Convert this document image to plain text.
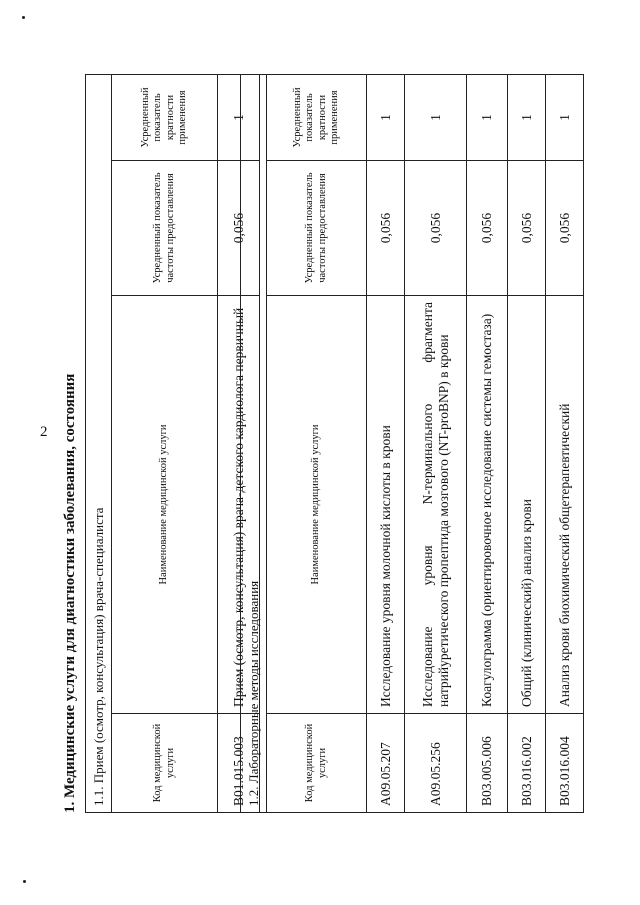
2 1. Медицинские услуги для диагностики заболевания, состояния 1.1. Прием (осмотр, консультация) врача-специалиста			
Код медицинской услуги	Наименование медицинской услуги	Усредненный показатель частоты предоставления	Усредненный показатель кратности применения
B01.015.003	Прием (осмотр, консультация) врача-детского кардиолога первичный	0,056	1
1.2. Лабораторные методы исследования			
Код медицинской услуги	Наименование медицинской услуги	Усредненный показатель частоты предоставления	Усредненный показатель кратности применения
A09.05.207	Исследование уровня молочной кислоты в крови	0,056	1
A09.05.256	Исследование уровня N-терминального фрагмента натрийуретического пропептида мозгового (NT-proBNP) в крови	0,056	1
B03.005.006	Коагулограмма (ориентировочное исследование системы гемостаза)	0,056	1
B03.016.002	Общий (клинический) анализ крови	0,056	1
B03.016.004	Анализ крови биохимический общетерапевтический	0,056	1
